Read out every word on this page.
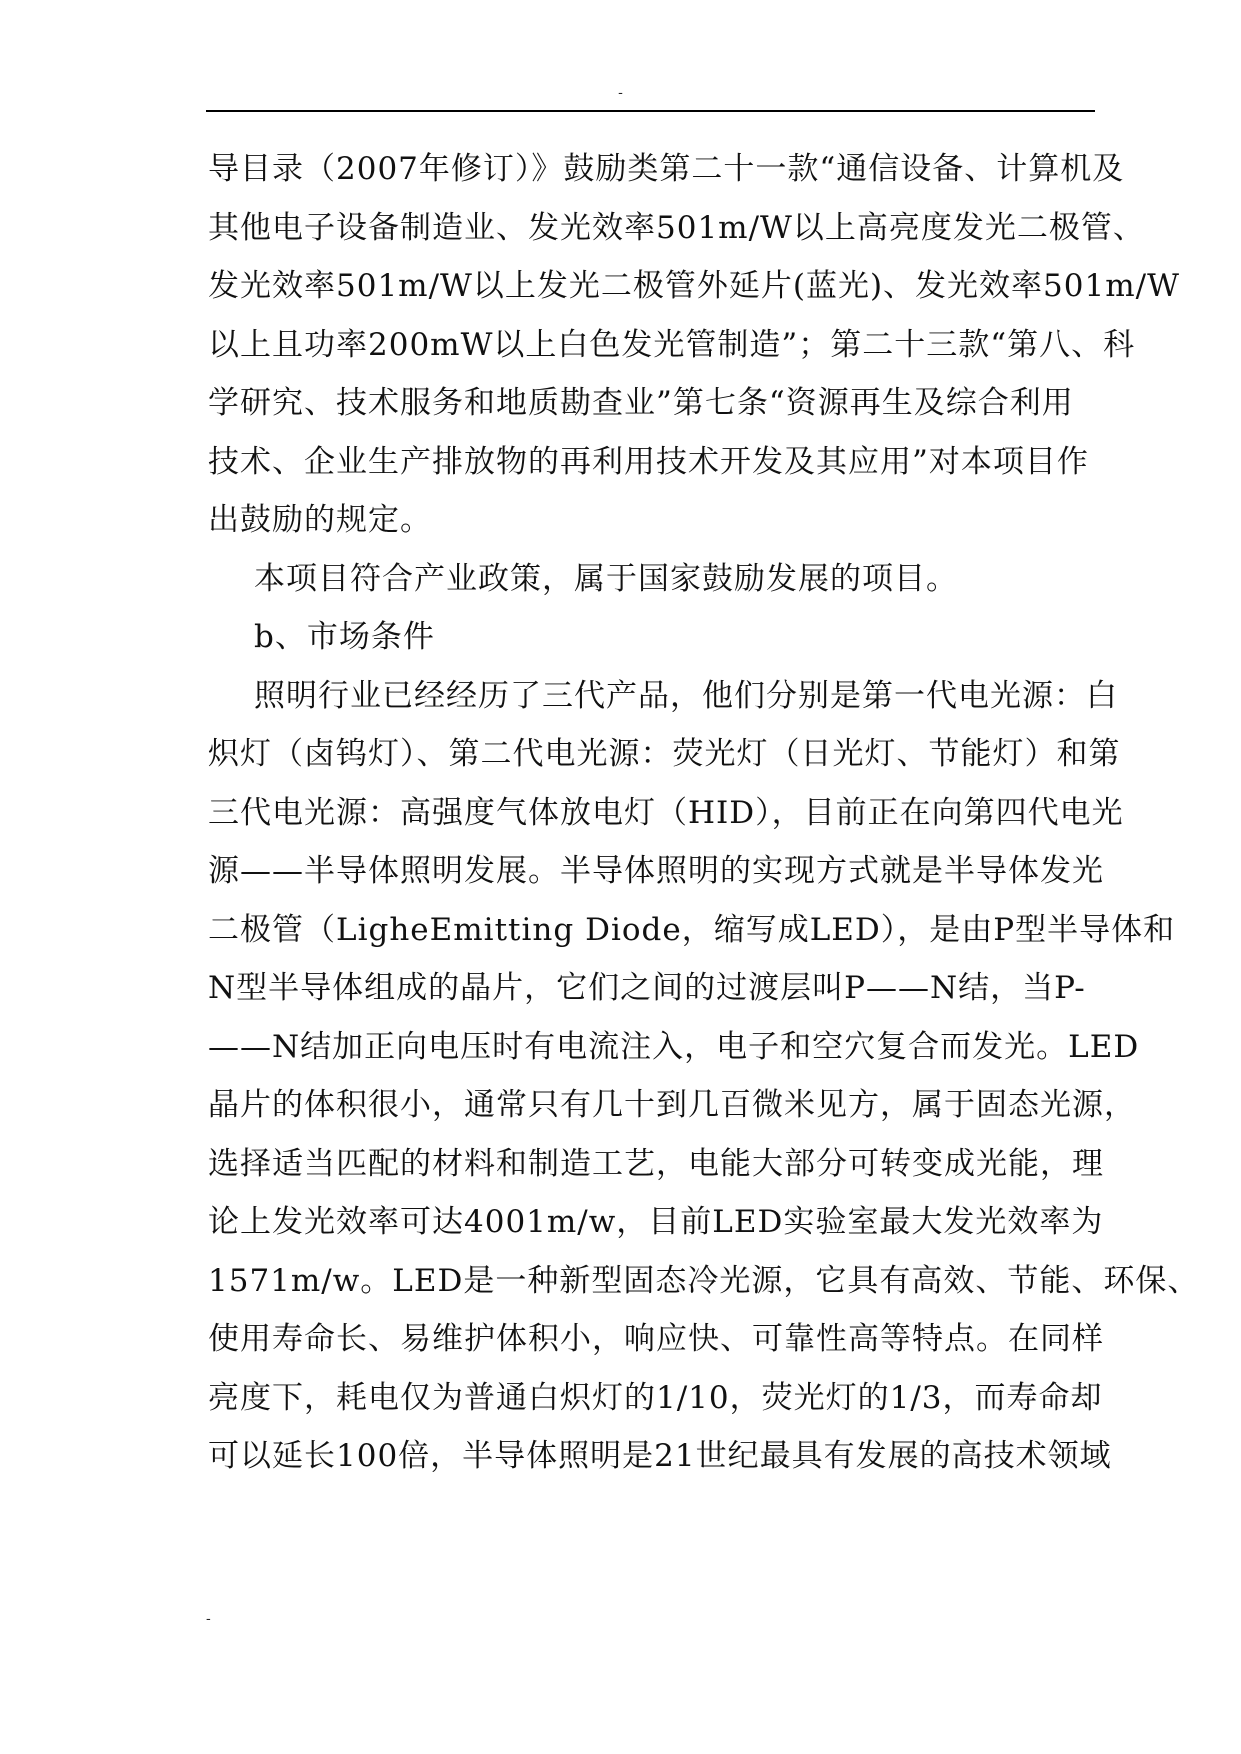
-
导目录（2007年修订）》鼓励类第二十一款“通信设备、计算机及
其他电子设备制造业、发光效率501m/W以上高亮度发光二极管、
发光效率501m/W以上发光二极管外延片(蓝光)、发光效率501m/W
以上且功率200mW以上白色发光管制造”；第二十三款“第八、科
学研究、技术服务和地质勘查业”第七条“资源再生及综合利用
技术、企业生产排放物的再利用技术开发及其应用”对本项目作
出鼓励的规定。
本项目符合产业政策，属于国家鼓励发展的项目。
b、市场条件
照明行业已经经历了三代产品，他们分别是第一代电光源：白
炽灯（卤钨灯）、第二代电光源：荧光灯（日光灯、节能灯）和第
三代电光源：高强度气体放电灯（HID），目前正在向第四代电光
源——半导体照明发展。半导体照明的实现方式就是半导体发光
二极管（LigheEmitting Diode，缩写成LED），是由P型半导体和
N型半导体组成的晶片，它们之间的过渡层叫P——N结，当P-
——N结加正向电压时有电流注入，电子和空穴复合而发光。LED
晶片的体积很小，通常只有几十到几百微米见方，属于固态光源，
选择适当匹配的材料和制造工艺，电能大部分可转变成光能，理
论上发光效率可达4001m/w，目前LED实验室最大发光效率为
1571m/w。LED是一种新型固态冷光源，它具有高效、节能、环保、
使用寿命长、易维护体积小，响应快、可靠性高等特点。在同样
亮度下，耗电仅为普通白炽灯的1/10，荧光灯的1/3，而寿命却
可以延长100倍，半导体照明是21世纪最具有发展的高技术领域
-
